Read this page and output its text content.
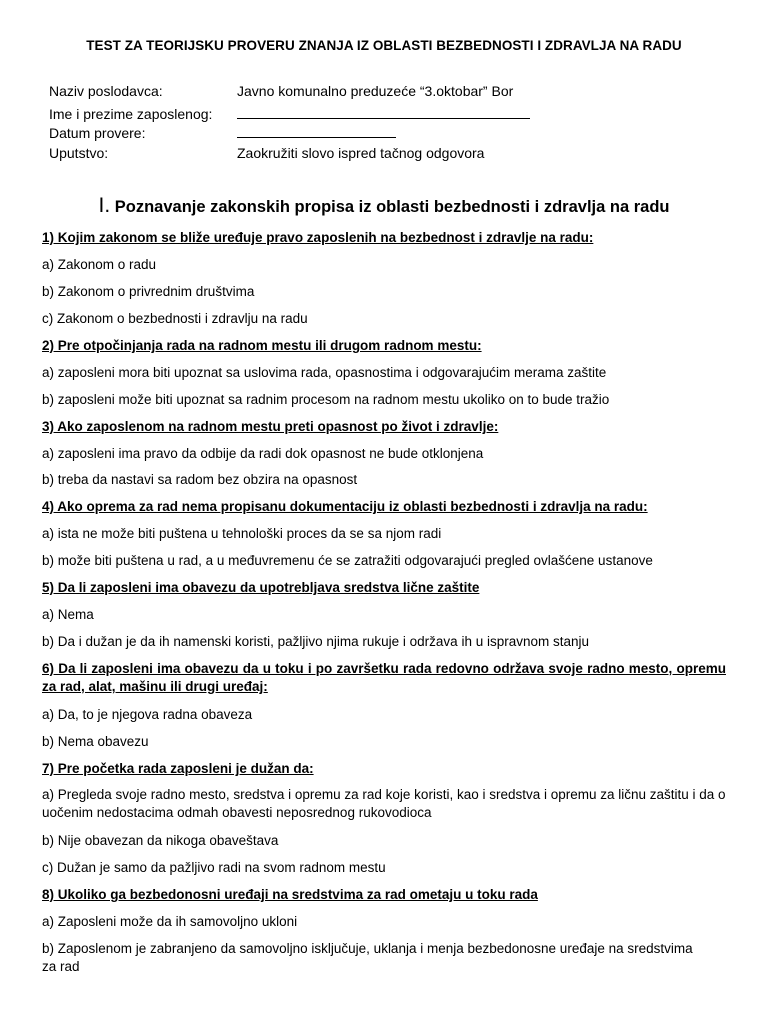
TEST ZA TEORIJSKU PROVERU ZNANJA IZ OBLASTI BEZBEDNOSTI I ZDRAVLJA NA RADU
Naziv poslodavca:	Javno komunalno preduzeće “3.oktobar” Bor
Ime i prezime zaposlenog:
Datum provere:
Uputstvo:	Zaokružiti slovo ispred tačnog odgovora
I. Poznavanje zakonskih propisa iz oblasti bezbednosti i zdravlja na radu
1) Kojim zakonom se bliže uređuje pravo zaposlenih na bezbednost i zdravlje na radu:
a) Zakonom o radu
b) Zakonom o privrednim društvima
c) Zakonom o bezbednosti i zdravlju na radu
2) Pre otpočinjanja rada na radnom mestu ili drugom radnom mestu:
a) zaposleni mora biti upoznat sa uslovima rada, opasnostima i odgovarajućim merama zaštite
b) zaposleni može biti upoznat sa radnim procesom na radnom mestu ukoliko on to bude tražio
3) Ako zaposlenom na radnom mestu preti opasnost po život i zdravlje:
a) zaposleni ima pravo da odbije da radi dok opasnost ne bude otklonjena
b) treba da nastavi sa radom bez obzira na opasnost
4) Ako oprema za rad nema propisanu dokumentaciju iz oblasti bezbednosti i zdravlja na radu:
a) ista ne može biti puštena u tehnološki proces da se sa njom radi
b) može biti puštena u rad, a u međuvremenu će se zatražiti odgovarajući pregled ovlašćene ustanove
5) Da li zaposleni ima obavezu da upotrebljava sredstva lične zaštite
a) Nema
b) Da i dužan je da ih namenski koristi, pažljivo njima rukuje i održava ih u ispravnom stanju
6) Da li zaposleni ima obavezu da u toku i po završetku rada redovno održava svoje radno mesto, opremu za rad, alat, mašinu ili drugi uređaj:
a) Da, to je njegova radna obaveza
b) Nema obavezu
7) Pre početka rada zaposleni je dužan da:
a) Pregleda svoje radno mesto, sredstva i opremu za rad koje koristi, kao i sredstva i opremu za ličnu zaštitu i da o uočenim nedostacima odmah obavesti neposrednog rukovodioca
b) Nije obavezan da nikoga obaveštava
c) Dužan je samo da pažljivo radi na svom radnom mestu
8) Ukoliko ga bezbedonosni uređaji na sredstvima za rad ometaju u toku rada
a) Zaposleni može da ih samovoljno ukloni
b) Zaposlenom je zabranjeno da samovoljno isključuje, uklanja i menja bezbedonosne uređaje na sredstvima za rad
